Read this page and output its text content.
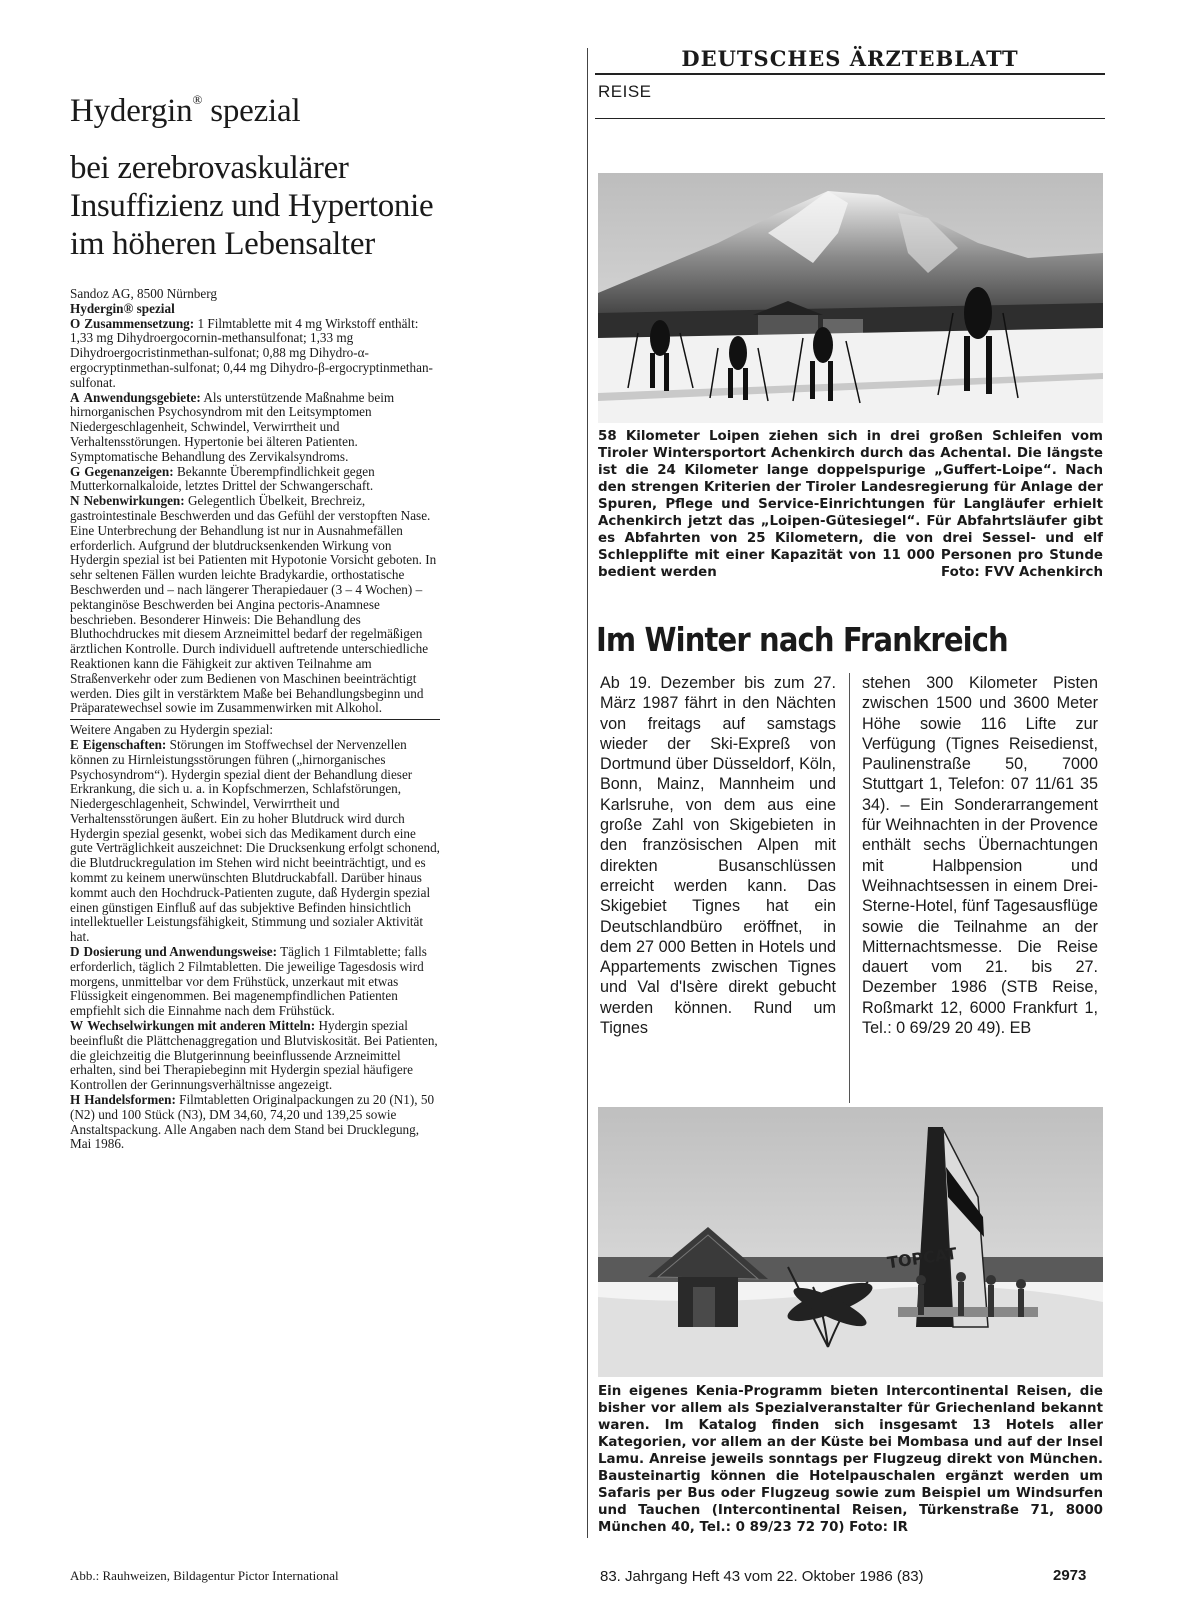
Hydergin® spezial
bei zerebrovaskulärer Insuffizienz und Hypertonie im höheren Lebensalter

Sandoz AG, 8500 Nürnberg

Hydergin® spezial

O Zusammensetzung: 1 Filmtablette mit 4 mg Wirkstoff enthält: 1,33 mg Dihydroergocornin-methansulfonat; 1,33 mg Dihydroergocristinmethan-sulfonat; 0,88 mg Dihydro-α-ergocryptinmethan-sulfonat; 0,44 mg Dihydro-β-ergocryptinmethan-sulfonat.

A Anwendungsgebiete: Als unterstützende Maßnahme beim hirnorganischen Psychosyndrom mit den Leitsymptomen Niedergeschlagenheit, Schwindel, Verwirrtheit und Verhaltensstörungen. Hypertonie bei älteren Patienten. Symptomatische Behandlung des Zervikalsyndroms.

G Gegenanzeigen: Bekannte Überempfindlichkeit gegen Mutterkornalkaloide, letztes Drittel der Schwangerschaft.

N Nebenwirkungen: Gelegentlich Übelkeit, Brechreiz, gastrointestinale Beschwerden und das Gefühl der verstopften Nase. Eine Unterbrechung der Behandlung ist nur in Ausnahmefällen erforderlich. Aufgrund der blutdrucksenkenden Wirkung von Hydergin spezial ist bei Patienten mit Hypotonie Vorsicht geboten. In sehr seltenen Fällen wurden leichte Bradykardie, orthostatische Beschwerden und – nach längerer Therapiedauer (3 – 4 Wochen) – pektanginöse Beschwerden bei Angina pectoris-Anamnese beschrieben. Besonderer Hinweis: Die Behandlung des Bluthochdruckes mit diesem Arzneimittel bedarf der regelmäßigen ärztlichen Kontrolle. Durch individuell auftretende unterschiedliche Reaktionen kann die Fähigkeit zur aktiven Teilnahme am Straßenverkehr oder zum Bedienen von Maschinen beeinträchtigt werden. Dies gilt in verstärktem Maße bei Behandlungsbeginn und Präparatewechsel sowie im Zusammenwirken mit Alkohol.

Weitere Angaben zu Hydergin spezial:

E Eigenschaften: Störungen im Stoffwechsel der Nervenzellen können zu Hirnleistungsstörungen führen („hirnorganisches Psychosyndrom“). Hydergin spezial dient der Behandlung dieser Erkrankung, die sich u. a. in Kopfschmerzen, Schlafstörungen, Niedergeschlagenheit, Schwindel, Verwirrtheit und Verhaltensstörungen äußert. Ein zu hoher Blutdruck wird durch Hydergin spezial gesenkt, wobei sich das Medikament durch eine gute Verträglichkeit auszeichnet: Die Drucksenkung erfolgt schonend, die Blutdruckregulation im Stehen wird nicht beeinträchtigt, und es kommt zu keinem unerwünschten Blutdruckabfall. Darüber hinaus kommt auch den Hochdruck-Patienten zugute, daß Hydergin spezial einen günstigen Einfluß auf das subjektive Befinden hinsichtlich intellektueller Leistungsfähigkeit, Stimmung und sozialer Aktivität hat.

D Dosierung und Anwendungsweise: Täglich 1 Filmtablette; falls erforderlich, täglich 2 Filmtabletten. Die jeweilige Tagesdosis wird morgens, unmittelbar vor dem Frühstück, unzerkaut mit etwas Flüssigkeit eingenommen. Bei magenempfindlichen Patienten empfiehlt sich die Einnahme nach dem Frühstück.

W Wechselwirkungen mit anderen Mitteln: Hydergin spezial beeinflußt die Plättchenaggregation und Blutviskosität. Bei Patienten, die gleichzeitig die Blutgerinnung beeinflussende Arzneimittel erhalten, sind bei Therapiebeginn mit Hydergin spezial häufigere Kontrollen der Gerinnungsverhältnisse angezeigt.

H Handelsformen: Filmtabletten Originalpackungen zu 20 (N1), 50 (N2) und 100 Stück (N3), DM 34,60, 74,20 und 139,25 sowie Anstaltspackung. Alle Angaben nach dem Stand bei Drucklegung, Mai 1986.

Abb.: Rauhweizen, Bildagentur Pictor International
DEUTSCHES ÄRZTEBLATT
REISE
58 Kilometer Loipen ziehen sich in drei großen Schleifen vom Tiroler Wintersportort Achenkirch durch das Achental. Die längste ist die 24 Kilometer lange doppelspurige „Guffert-Loipe“. Nach den strengen Kriterien der Tiroler Landesregierung für Anlage der Spuren, Pflege und Service-Einrichtungen für Langläufer erhielt Achenkirch jetzt das „Loipen-Gütesiegel“. Für Abfahrtsläufer gibt es Abfahrten von 25 Kilometern, die von drei Sessel- und elf Schlepplifte mit einer Kapazität von 11 000 Personen pro Stunde bedient werden	Foto: FVV Achenkirch
Im Winter nach Frankreich
Ab 19. Dezember bis zum 27. März 1987 fährt in den Nächten von freitags auf samstags wieder der Ski-Expreß von Dortmund über Düsseldorf, Köln, Bonn, Mainz, Mannheim und Karlsruhe, von dem aus eine große Zahl von Skigebieten in den französischen Alpen mit direkten Busanschlüssen erreicht werden kann. Das Skigebiet Tignes hat ein Deutschlandbüro eröffnet, in dem 27 000 Betten in Hotels und Appartements zwischen Tignes und Val d'Isère direkt gebucht werden können. Rund um Tignes
stehen 300 Kilometer Pisten zwischen 1500 und 3600 Meter Höhe sowie 116 Lifte zur Verfügung (Tignes Reisedienst, Paulinenstraße 50, 7000 Stuttgart 1, Telefon: 07 11/61 35 34). – Ein Sonderarrangement für Weihnachten in der Provence enthält sechs Übernachtungen mit Halbpension und Weihnachtsessen in einem Drei-Sterne-Hotel, fünf Tagesausflüge sowie die Teilnahme an der Mitternachtsmesse. Die Reise dauert vom 21. bis 27. Dezember 1986 (STB Reise, Roßmarkt 12, 6000 Frankfurt 1, Tel.: 0 69/29 20 49). EB
TOPCAT
Ein eigenes Kenia-Programm bieten Intercontinental Reisen, die bisher vor allem als Spezialveranstalter für Griechenland bekannt waren. Im Katalog finden sich insgesamt 13 Hotels aller Kategorien, vor allem an der Küste bei Mombasa und auf der Insel Lamu. Anreise jeweils sonntags per Flugzeug direkt von München. Bausteinartig können die Hotelpauschalen ergänzt werden um Safaris per Bus oder Flugzeug sowie zum Beispiel um Windsurfen und Tauchen (Intercontinental Reisen, Türkenstraße 71, 8000 München 40, Tel.: 0 89/23 72 70) Foto: IR
83. Jahrgang Heft 43 vom 22. Oktober 1986 (83)	2973
